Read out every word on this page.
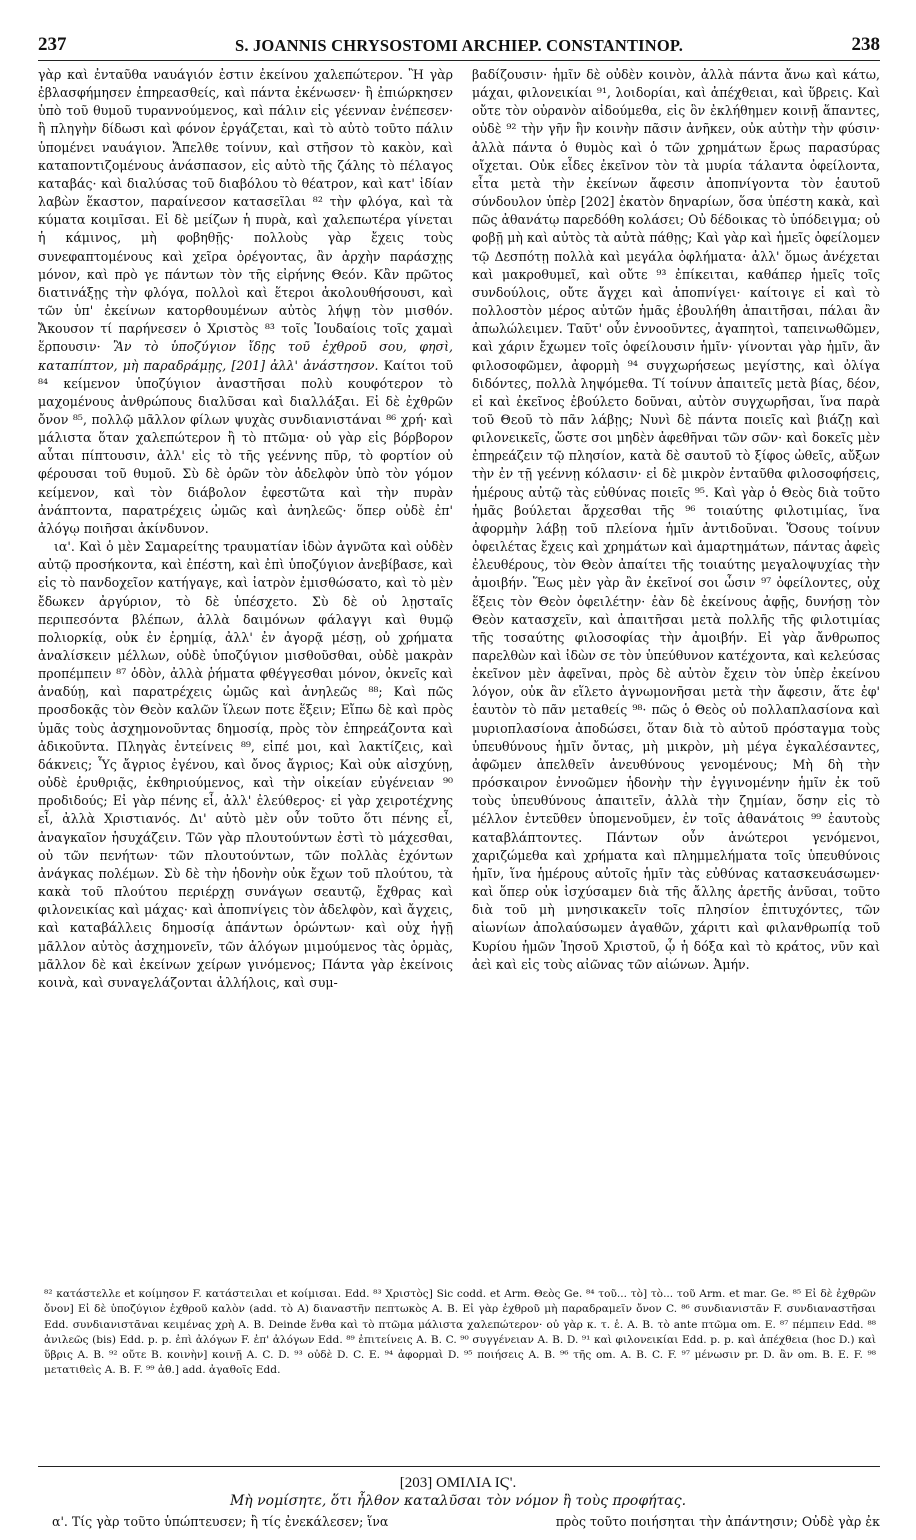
237	S. JOANNIS CHRYSOSTOMI ARCHIEP. CONSTANTINOP.	238

γὰρ καὶ ἐνταῦθα ναυάγιόν ἐστιν ἐκείνου χαλεπώτερον. Ἢ γὰρ ἐβλασφήμησεν ἐπηρεασθείς, καὶ πάντα ἐκένωσεν· ἢ ἐπιώρκησεν ὑπὸ τοῦ θυμοῦ τυραννούμενος, καὶ πάλιν εἰς γέενναν ἐνέπεσεν· ἢ πληγὴν δίδωσι καὶ φόνον ἐργάζεται, καὶ τὸ αὐτὸ τοῦτο πάλιν ὑπομένει ναυάγιον. Ἄπελθε τοίνυν, καὶ στῆσον τὸ κακὸν, καὶ καταποντιζομένους ἀνάσπασον, εἰς αὐτὸ τῆς ζάλης τὸ πέλαγος καταβάς· καὶ διαλύσας τοῦ διαβόλου τὸ θέατρον, καὶ κατ' ἰδίαν λαβὼν ἕκαστον, παραίνεσον κατασεῖλαι ⁸² τὴν φλόγα, καὶ τὰ κύματα κοιμῖσαι. Εἰ δὲ μείζων ἡ πυρὰ, καὶ χαλεπωτέρα γίνεται ἡ κάμινος, μὴ φοβηθῇς· πολλοὺς γὰρ ἔχεις τοὺς συνεφαπτομένους καὶ χεῖρα ὀρέγοντας, ἂν ἀρχὴν παράσχῃς μόνον, καὶ πρὸ γε πάντων τὸν τῆς εἰρήνης Θεόν. Κἂν πρῶτος διατινάξῃς τὴν φλόγα, πολλοὶ καὶ ἕτεροι ἀκολουθήσουσι, καὶ τῶν ὑπ' ἐκείνων κατορθουμένων αὐτὸς λήψῃ τὸν μισθόν. Ἄκουσον τί παρήνεσεν ὁ Χριστὸς ⁸³ τοῖς Ἰουδαίοις τοῖς χαμαὶ ἕρπουσιν· Ἂν τὸ ὑποζύγιον ἴδῃς τοῦ ἐχθροῦ σου, φησὶ, καταπίπτον, μὴ παραδράμῃς, [201] ἀλλ' ἀνάστησον. Καίτοι τοῦ ⁸⁴ κείμενον ὑποζύγιον ἀναστῆσαι πολὺ κουφότερον τὸ μαχομένους ἀνθρώπους διαλῦσαι καὶ διαλλάξαι. Εἰ δὲ ἐχθρῶν ὄνον ⁸⁵, πολλῷ μᾶλλον φίλων ψυχὰς συνδιανιστάναι ⁸⁶ χρή· καὶ μάλιστα ὅταν χαλεπώτερον ἢ τὸ πτῶμα· οὐ γὰρ εἰς βόρβορον αὗται πίπτουσιν, ἀλλ' εἰς τὸ τῆς γεέννης πῦρ, τὸ φορτίον οὐ φέρουσαι τοῦ θυμοῦ. Σὺ δὲ ὁρῶν τὸν ἀδελφὸν ὑπὸ τὸν γόμον κείμενον, καὶ τὸν διάβολον ἐφεστῶτα καὶ τὴν πυρὰν ἀνάπτοντα, παρατρέχεις ὠμῶς καὶ ἀνηλεῶς· ὅπερ οὐδὲ ἐπ' ἀλόγῳ ποιῆσαι ἀκίνδυνον.

ια'. Καὶ ὁ μὲν Σαμαρείτης τραυματίαν ἰδὼν ἀγνῶτα καὶ οὐδὲν αὐτῷ προσήκοντα, καὶ ἐπέστη, καὶ ἐπὶ ὑποζύγιον ἀνεβίβασε, καὶ εἰς τὸ πανδοχεῖον κατήγαγε, καὶ ἰατρὸν ἐμισθώσατο, καὶ τὸ μὲν ἔδωκεν ἀργύριον, τὸ δὲ ὑπέσχετο. Σὺ δὲ οὐ λῃσταῖς περιπεσόντα βλέπων, ἀλλὰ δαιμόνων φάλαγγι καὶ θυμῷ πολιορκίᾳ, οὐκ ἐν ἐρημίᾳ, ἀλλ' ἐν ἀγορᾷ μέσῃ, οὐ χρήματα ἀναλίσκειν μέλλων, οὐδὲ ὑποζύγιον μισθοῦσθαι, οὐδὲ μακρὰν προπέμπειν ⁸⁷ ὁδὸν, ἀλλὰ ῥήματα φθέγγεσθαι μόνον, ὀκνεῖς καὶ ἀναδύῃ, καὶ παρατρέχεις ὠμῶς καὶ ἀνηλεῶς ⁸⁸; Καὶ πῶς προσδοκᾷς τὸν Θεὸν καλῶν ἵλεων ποτε ἕξειν; Εἴπω δὲ καὶ πρὸς ὑμᾶς τοὺς ἀσχημονοῦντας δημοσίᾳ, πρὸς τὸν ἐπηρεάζοντα καὶ ἀδικοῦντα. Πληγὰς ἐντείνεις ⁸⁹, εἰπέ μοι, καὶ λακτίζεις, καὶ δάκνεις; Ὗς ἄγριος ἐγένου, καὶ ὄνος ἄγριος; Καὶ οὐκ αἰσχύνῃ, οὐδὲ ἐρυθριᾷς, ἐκθηριούμενος, καὶ τὴν οἰκείαν εὐγένειαν ⁹⁰ προδιδούς; Εἰ γὰρ πένης εἶ, ἀλλ' ἐλεύθερος· εἰ γὰρ χειροτέχνης εἶ, ἀλλὰ Χριστιανός. Δι' αὐτὸ μὲν οὖν τοῦτο ὅτι πένης εἶ, ἀναγκαῖον ἡσυχάζειν. Τῶν γὰρ πλουτούντων ἐστὶ τὸ μάχεσθαι, οὐ τῶν πενήτων· τῶν πλουτούντων, τῶν πολλὰς ἐχόντων ἀνάγκας πολέμων. Σὺ δὲ τὴν ἡδονὴν οὐκ ἔχων τοῦ πλούτου, τὰ κακὰ τοῦ πλούτου περιέρχῃ συνάγων σεαυτῷ, ἔχθρας καὶ φιλονεικίας καὶ μάχας· καὶ ἀποπνίγεις τὸν ἀδελφὸν, καὶ ἄγχεις, καὶ καταβάλλεις δημοσίᾳ ἁπάντων ὁρώντων· καὶ οὐχ ἡγῇ μᾶλλον αὐτὸς ἀσχημονεῖν, τῶν ἀλόγων μιμούμενος τὰς ὁρμὰς, μᾶλλον δὲ καὶ ἐκείνων χείρων γινόμενος; Πάντα γὰρ ἐκείνοις κοινὰ, καὶ συναγελάζονται ἀλλήλοις, καὶ συμ-

βαδίζουσιν· ἡμῖν δὲ οὐδὲν κοινὸν, ἀλλὰ πάντα ἄνω καὶ κάτω, μάχαι, φιλονεικίαι ⁹¹, λοιδορίαι, καὶ ἀπέχθειαι, καὶ ὕβρεις. Καὶ οὔτε τὸν οὐρανὸν αἰδούμεθα, εἰς ὃν ἐκλήθημεν κοινῇ ἅπαντες, οὐδὲ ⁹² τὴν γῆν ἣν κοινὴν πᾶσιν ἀνῆκεν, οὐκ αὐτὴν τὴν φύσιν· ἀλλὰ πάντα ὁ θυμὸς καὶ ὁ τῶν χρημάτων ἔρως παρασύρας οἴχεται. Οὐκ εἶδες ἐκεῖνον τὸν τὰ μυρία τάλαντα ὀφείλοντα, εἶτα μετὰ τὴν ἐκείνων ἄφεσιν ἀποπνίγοντα τὸν ἑαυτοῦ σύνδουλον ὑπὲρ [202] ἑκατὸν δηναρίων, ὅσα ὑπέστη κακὰ, καὶ πῶς ἀθανάτῳ παρεδόθη κολάσει; Οὐ δέδοικας τὸ ὑπόδειγμα; οὐ φοβῇ μὴ καὶ αὐτὸς τὰ αὐτὰ πάθῃς; Καὶ γὰρ καὶ ἡμεῖς ὀφείλομεν τῷ Δεσπότῃ πολλὰ καὶ μεγάλα ὀφλήματα· ἀλλ' ὅμως ἀνέχεται καὶ μακροθυμεῖ, καὶ οὔτε ⁹³ ἐπίκειται, καθάπερ ἡμεῖς τοῖς συνδούλοις, οὔτε ἄγχει καὶ ἀποπνίγει· καίτοιγε εἰ καὶ τὸ πολλοστὸν μέρος αὐτῶν ἡμᾶς ἐβουλήθη ἀπαιτῆσαι, πάλαι ἂν ἀπωλώλειμεν. Ταῦτ' οὖν ἐννοοῦντες, ἀγαπητοὶ, ταπεινωθῶμεν, καὶ χάριν ἔχωμεν τοῖς ὀφείλουσιν ἡμῖν· γίνονται γὰρ ἡμῖν, ἂν φιλοσοφῶμεν, ἀφορμὴ ⁹⁴ συγχωρήσεως μεγίστης, καὶ ὀλίγα διδόντες, πολλὰ ληψόμεθα. Τί τοίνυν ἀπαιτεῖς μετὰ βίας, δέον, εἰ καὶ ἐκεῖνος ἐβούλετο δοῦναι, αὐτὸν συγχωρῆσαι, ἵνα παρὰ τοῦ Θεοῦ τὸ πᾶν λάβῃς; Νυνὶ δὲ πάντα ποιεῖς καὶ βιάζῃ καὶ φιλονεικεῖς, ὥστε σοι μηδὲν ἀφεθῆναι τῶν σῶν· καὶ δοκεῖς μὲν ἐπηρεάζειν τῷ πλησίον, κατὰ δὲ σαυτοῦ τὸ ξίφος ὠθεῖς, αὔξων τὴν ἐν τῇ γεέννῃ κόλασιν· εἰ δὲ μικρὸν ἐνταῦθα φιλοσοφήσεις, ἡμέρους αὐτῷ τὰς εὐθύνας ποιεῖς ⁹⁵. Καὶ γὰρ ὁ Θεὸς διὰ τοῦτο ἡμᾶς βούλεται ἄρχεσθαι τῆς ⁹⁶ τοιαύτης φιλοτιμίας, ἵνα ἀφορμὴν λάβῃ τοῦ πλείονα ἡμῖν ἀντιδοῦναι. Ὅσους τοίνυν ὀφειλέτας ἔχεις καὶ χρημάτων καὶ ἁμαρτημάτων, πάντας ἀφεὶς ἐλευθέρους, τὸν Θεὸν ἀπαίτει τῆς τοιαύτης μεγαλοψυχίας τὴν ἀμοιβήν. Ἕως μὲν γὰρ ἂν ἐκεῖνοί σοι ὦσιν ⁹⁷ ὀφείλοντες, οὐχ ἕξεις τὸν Θεὸν ὀφειλέτην· ἐὰν δὲ ἐκείνους ἀφῇς, δυνήσῃ τὸν Θεὸν κατασχεῖν, καὶ ἀπαιτῆσαι μετὰ πολλῆς τῆς φιλοτιμίας τῆς τοσαύτης φιλοσοφίας τὴν ἀμοιβήν. Εἰ γὰρ ἄνθρωπος παρελθὼν καὶ ἰδὼν σε τὸν ὑπεύθυνον κατέχοντα, καὶ κελεύσας ἐκεῖνον μὲν ἀφεῖναι, πρὸς δὲ αὐτὸν ἔχειν τὸν ὑπὲρ ἐκείνου λόγον, οὐκ ἂν εἵλετο ἀγνωμονῆσαι μετὰ τὴν ἄφεσιν, ἅτε ἐφ' ἑαυτὸν τὸ πᾶν μεταθείς ⁹⁸· πῶς ὁ Θεὸς οὐ πολλαπλασίονα καὶ μυριοπλασίονα ἀποδώσει, ὅταν διὰ τὸ αὐτοῦ πρόσταγμα τοὺς ὑπευθύνους ἡμῖν ὄντας, μὴ μικρὸν, μὴ μέγα ἐγκαλέσαντες, ἀφῶμεν ἀπελθεῖν ἀνευθύνους γενομένους; Μὴ δὴ τὴν πρόσκαιρον ἐννοῶμεν ἡδονὴν τὴν ἐγγινομένην ἡμῖν ἐκ τοῦ τοὺς ὑπευθύνους ἀπαιτεῖν, ἀλλὰ τὴν ζημίαν, ὅσην εἰς τὸ μέλλον ἐντεῦθεν ὑπομενοῦμεν, ἐν τοῖς ἀθανάτοις ⁹⁹ ἑαυτοὺς καταβλάπτοντες. Πάντων οὖν ἀνώτεροι γενόμενοι, χαριζώμεθα καὶ χρήματα καὶ πλημμελήματα τοῖς ὑπευθύνοις ἡμῖν, ἵνα ἡμέρους αὐτοῖς ἡμῖν τὰς εὐθύνας κατασκευάσωμεν· καὶ ὅπερ οὐκ ἰσχύσαμεν διὰ τῆς ἄλλης ἀρετῆς ἀνῦσαι, τοῦτο διὰ τοῦ μὴ μνησικακεῖν τοῖς πλησίον ἐπιτυχόντες, τῶν αἰωνίων ἀπολαύσωμεν ἀγαθῶν, χάριτι καὶ φιλανθρωπίᾳ τοῦ Κυρίου ἡμῶν Ἰησοῦ Χριστοῦ, ᾧ ἡ δόξα καὶ τὸ κράτος, νῦν καὶ ἀεὶ καὶ εἰς τοὺς αἰῶνας τῶν αἰώνων. Ἀμήν.

⁸² κατάστελλε et κοίμησον F. κατάστειλαι et κοίμισαι. Edd. ⁸³ Χριστὸς] Sic codd. et Arm. Θεὸς Ge. ⁸⁴ τοῦ... τὸ] τὸ... τοῦ Arm. et mar. Ge. ⁸⁵ Εἰ δὲ ἐχθρῶν ὄνον] Εἰ δὲ ὑποζύγιον ἐχθροῦ καλὸν (add. τὸ A) διαναστῆν πεπτωκὸς A. B. Εἰ γὰρ ἐχθροῦ μὴ παραδραμεῖν ὄνον C. ⁸⁶ συνδιανιστᾶν F. συνδιαναστῆσαι Edd. συνδιανιστᾶναι κειμένας χρὴ A. B. Deinde ἕνθα καὶ τὸ πτῶμα μάλιστα χαλεπώτερον· οὐ γὰρ κ. τ. ἑ. A. B. τὸ ante πτῶμα om. E. ⁸⁷ πέμπειν Edd. ⁸⁸ ἀνιλεῶς (bis) Edd. p. p. ἐπὶ ἀλόγων F. ἐπ' ἀλόγων Edd. ⁸⁹ ἐπιτείνεις A. B. C. ⁹⁰ συγγένειαν A. B. D. ⁹¹ καὶ φιλονεικίαι Edd. p. p. καὶ ἀπέχθεια (hoc D.) καὶ ὕβρις A. B. ⁹² οὔτε B. κοινὴν] κοινῇ A. C. D. ⁹³ οὐδὲ D. C. E. ⁹⁴ ἀφορμαὶ D. ⁹⁵ ποιήσεις A. B. ⁹⁶ τῆς om. A. B. C. F. ⁹⁷ μένωσιν pr. D. ἂν om. B. E. F. ⁹⁸ μετατιθεὶς A. B. F. ⁹⁹ ἀθ.] add. ἀγαθοῖς Edd.

[203] ΟΜΙΛΙΑ ΙϚ'.
Μὴ νομίσητε, ὅτι ἦλθον καταλῦσαι τὸν νόμον ἢ τοὺς προφήτας.
α'. Τίς γὰρ τοῦτο ὑπώπτευσεν; ἢ τίς ἐνεκάλεσεν; ἵνα	πρὸς τοῦτο ποιήσηται τὴν ἀπάντησιν; Οὐδὲ γὰρ ἐκ
